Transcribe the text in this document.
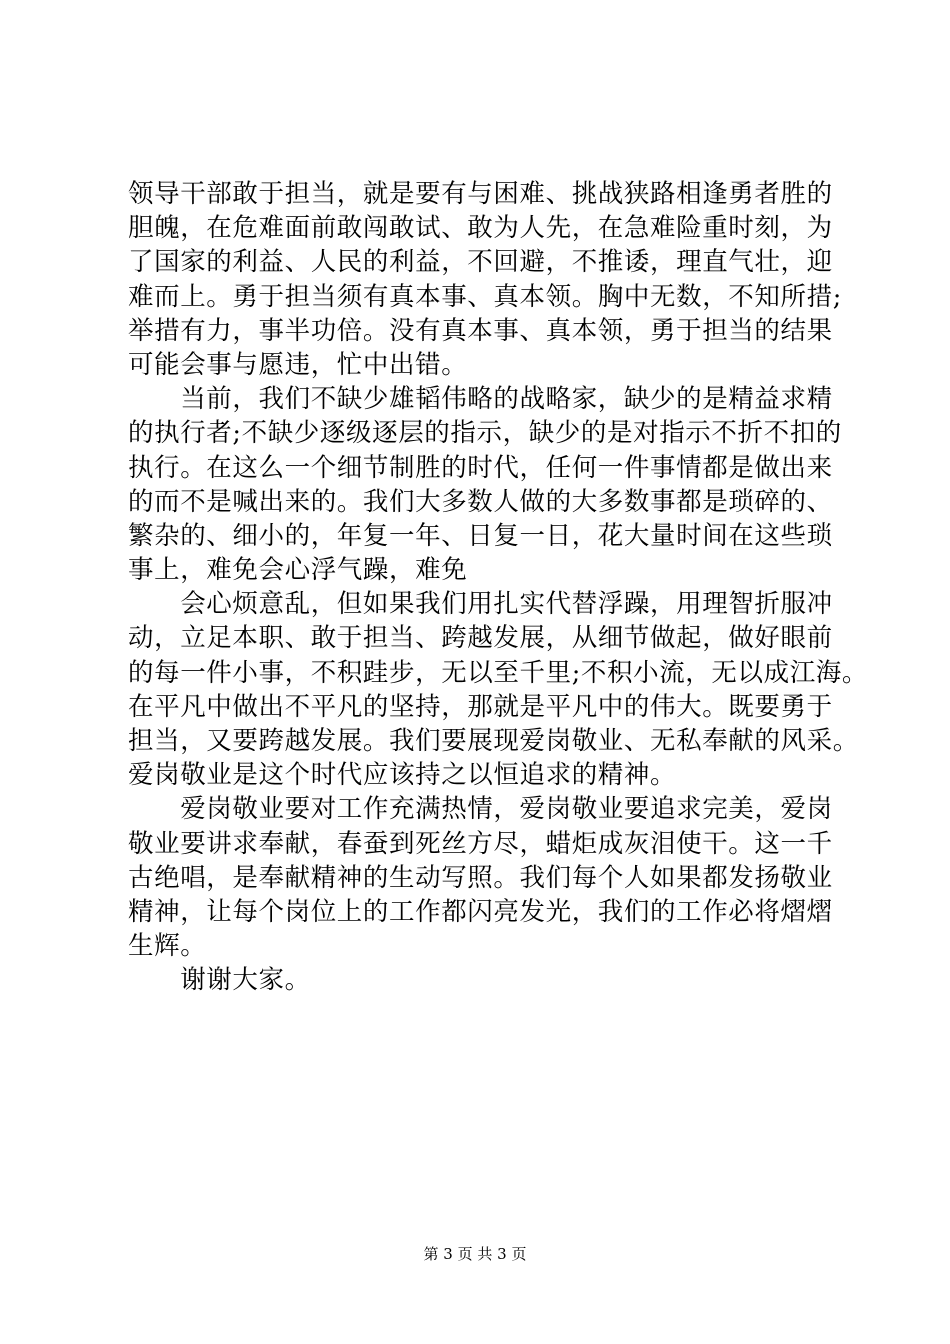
领导干部敢于担当，就是要有与困难、挑战狭路相逢勇者胜的
胆魄，在危难面前敢闯敢试、敢为人先，在急难险重时刻，为
了国家的利益、人民的利益，不回避，不推诿，理直气壮，迎
难而上。勇于担当须有真本事、真本领。胸中无数，不知所措;
举措有力，事半功倍。没有真本事、真本领，勇于担当的结果
可能会事与愿违，忙中出错。
　　当前，我们不缺少雄韬伟略的战略家，缺少的是精益求精
的执行者;不缺少逐级逐层的指示，缺少的是对指示不折不扣的
执行。在这么一个细节制胜的时代，任何一件事情都是做出来
的而不是喊出来的。我们大多数人做的大多数事都是琐碎的、
繁杂的、细小的，年复一年、日复一日，花大量时间在这些琐
事上，难免会心浮气躁，难免
　　会心烦意乱，但如果我们用扎实代替浮躁，用理智折服冲
动，立足本职、敢于担当、跨越发展，从细节做起，做好眼前
的每一件小事，不积跬步，无以至千里;不积小流，无以成江海。
在平凡中做出不平凡的坚持，那就是平凡中的伟大。既要勇于
担当，又要跨越发展。我们要展现爱岗敬业、无私奉献的风采。
爱岗敬业是这个时代应该持之以恒追求的精神。
　　爱岗敬业要对工作充满热情，爱岗敬业要追求完美，爱岗
敬业要讲求奉献，春蚕到死丝方尽，蜡炬成灰泪使干。这一千
古绝唱，是奉献精神的生动写照。我们每个人如果都发扬敬业
精神，让每个岗位上的工作都闪亮发光，我们的工作必将熠熠
生辉。
　　谢谢大家。
第 3 页 共 3 页
